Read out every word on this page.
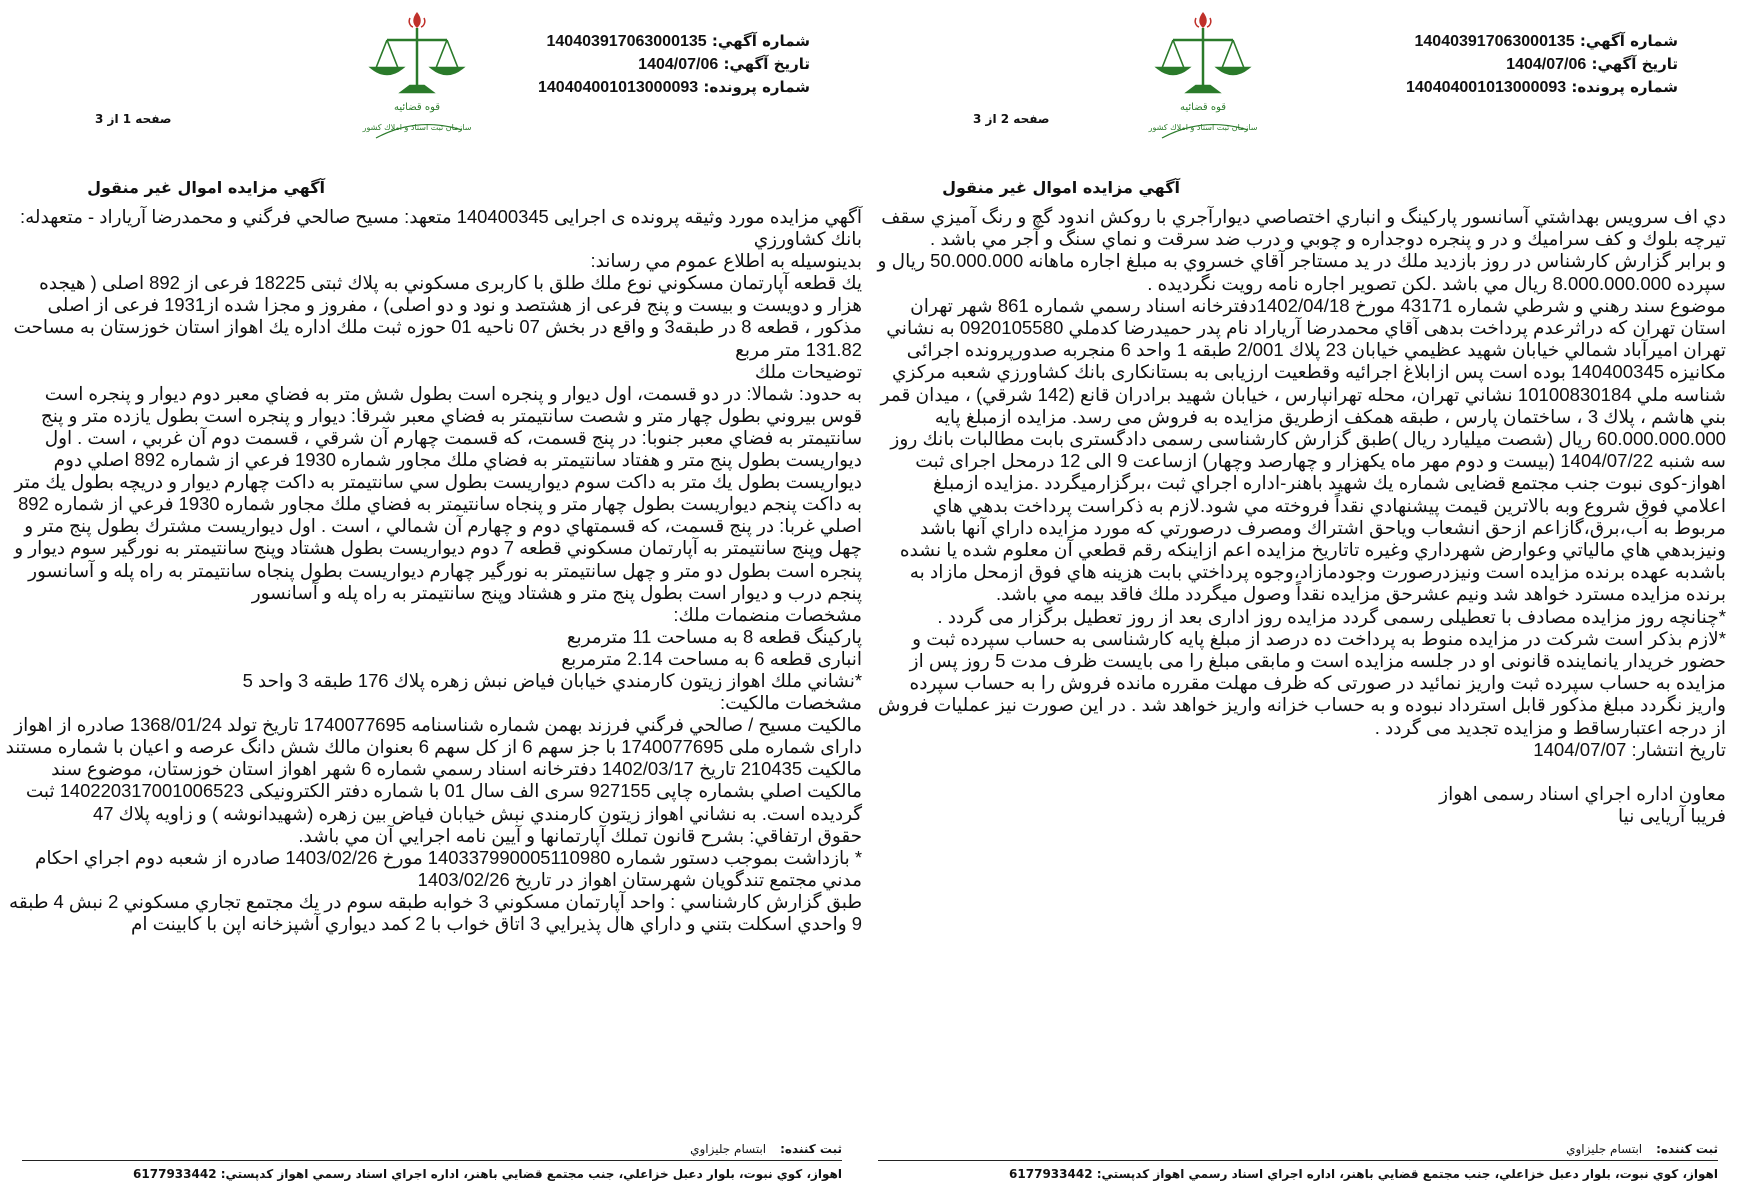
شماره آگهي: 140403917063000135
تاريخ آگهي: 1404/07/06
شماره پرونده: 140404001013000093
صفحه 1 از 3
آگهي مزايده اموال غير منقول
آگهي مزايده مورد وثيقه پرونده ی اجرایی 140400345 متعهد: مسیح صالحي فرگني و محمدرضا آریاراد - متعهدله: بانك كشاورزي
بدينوسيله به اطلاع عموم مي رساند:
يك قطعه آپارتمان مسكوني نوع ملك طلق با كاربری مسكوني به پلاك ثبتی 18225 فرعی از 892 اصلی ( هيجده هزار و دويست و بيست و پنج فرعی از هشتصد و نود و دو اصلی) ، مفروز و مجزا شده از1931 فرعی از اصلی مذكور ، قطعه 8 در طبقه3 و واقع در بخش 07 ناحيه 01 حوزه ثبت ملك اداره يك اهواز استان خوزستان به مساحت 131.82 متر مربع
توضيحات ملك
به حدود: شمالا: در دو قسمت، اول ديوار و پنجره است بطول شش متر به فضاي معبر دوم ديوار و پنجره است قوس بيروني بطول چهار متر و شصت سانتيمتر به فضاي معبر شرقا: ديوار و پنجره است بطول يازده متر و پنج سانتيمتر به فضاي معبر جنوبا: در پنج قسمت، كه قسمت چهارم آن شرقي ، قسمت دوم آن غربي ، است . اول ديواريست بطول پنج متر و هفتاد سانتيمتر به فضاي ملك مجاور شماره 1930 فرعي از شماره 892 اصلي دوم ديواريست بطول يك متر به داكت سوم ديواريست بطول سي سانتيمتر به داكت چهارم ديوار و دريچه بطول يك متر به داكت پنجم ديواريست بطول چهار متر و پنجاه سانتيمتر به فضاي ملك مجاور شماره 1930 فرعي از شماره 892 اصلي غربا: در پنج قسمت، كه قسمتهاي دوم و چهارم آن شمالي ، است . اول ديواريست مشترك بطول پنج متر و چهل وپنج سانتيمتر به آپارتمان مسكوني قطعه 7 دوم ديواريست بطول هشتاد وپنج سانتيمتر به نورگير سوم ديوار و پنجره است بطول دو متر و چهل سانتيمتر به نورگير چهارم ديواريست بطول پنجاه سانتيمتر به راه پله و آسانسور پنجم درب و ديوار است بطول پنج متر و هشتاد وپنج سانتيمتر به راه پله و آسانسور
مشخصات منضمات ملك:
پاركينگ قطعه 8 به مساحت 11 مترمربع
انباری قطعه 6 به مساحت 2.14 مترمربع
*نشاني ملك اهواز زيتون كارمندي خيابان فياض نبش زهره پلاك 176 طبقه 3 واحد 5
مشخصات مالكيت:
مالكيت مسيح / صالحي فرگني فرزند بهمن شماره شناسنامه 1740077695 تاريخ تولد 1368/01/24 صادره از اهواز دارای شماره ملی 1740077695 با جز سهم 6 از كل سهم 6 بعنوان مالك شش دانگ عرصه و اعيان با شماره مستند مالكيت 210435 تاريخ 1402/03/17 دفترخانه اسناد رسمي شماره 6 شهر اهواز استان خوزستان، موضوع سند مالكيت اصلي بشماره چاپی 927155 سری الف سال 01 با شماره دفتر الكترونيكی 140220317001006523 ثبت گرديده است. به نشاني اهواز زيتون كارمندي نبش خيابان فياض بين زهره (شهيدانوشه ) و زاويه پلاك 47
حقوق ارتفاقي: بشرح قانون تملك آپارتمانها و آيين نامه اجرايي آن مي باشد.
* بازداشت بموجب دستور شماره 140337990005110980 مورخ 1403/02/26 صادره از شعبه دوم اجراي احكام مدني مجتمع تندگويان شهرستان اهواز در تاريخ 1403/02/26
طبق گزارش كارشناسي : واحد آپارتمان مسكوني 3 خوابه طبقه سوم در يك مجتمع تجاري مسكوني 2 نبش 4 طبقه 9 واحدي اسكلت بتني و داراي هال پذيرايي 3 اتاق خواب با 2 كمد ديواري آشپزخانه اپن با كابينت ام
ثبت كننده:ابتسام جليزاوي
اهواز، كوي نبوت، بلوار دعبل خزاعلي، جنب مجتمع قضايي باهنر، اداره اجراي اسناد رسمي اهواز كدپستي: 6177933442
شماره آگهي: 140403917063000135
تاريخ آگهي: 1404/07/06
شماره پرونده: 140404001013000093
صفحه 2 از 3
آگهي مزايده اموال غير منقول
دي اف سرويس بهداشتي آسانسور پاركينگ و انباري اختصاصي ديوارآجري با روكش اندود گچ و رنگ آميزي سقف تيرچه بلوك و كف سراميك و در و پنجره دوجداره و چوبي و درب ضد سرقت و نماي سنگ و آجر مي باشد .
و برابر گزارش كارشناس در روز بازديد ملك در يد مستاجر آقاي خسروي به مبلغ اجاره ماهانه 50.000.000 ريال و سپرده 8.000.000.000 ريال مي باشد .لكن تصوير اجاره نامه رويت نگرديده .
موضوع سند رهني و شرطي شماره 43171 مورخ 1402/04/18دفترخانه اسناد رسمي شماره 861 شهر تهران استان تهران كه دراثرعدم پرداخت بدهی آقاي محمدرضا آرياراد نام پدر حميدرضا كدملي 0920105580 به نشاني تهران اميرآباد شمالي خيابان شهيد عظيمي خيابان 23 پلاك 2/001 طبقه 1 واحد 6 منجربه صدورپرونده اجرائی مكانيزه 140400345 بوده است پس ازابلاغ اجرائيه وقطعيت ارزيابی به بستانكاری بانك كشاورزي شعبه مركزي شناسه ملي 10100830184 نشاني تهران، محله تهرانپارس ، خيابان شهيد برادران قانع (142 شرقي) ، ميدان قمر بني هاشم ، پلاك 3 ، ساختمان پارس ، طبقه همكف ازطريق مزايده به فروش می رسد. مزايده ازمبلغ پايه 60.000.000.000 ريال (شصت ميليارد ريال )طبق گزارش كارشناسی رسمی دادگستری بابت مطالبات بانك روز سه شنبه 1404/07/22 (بيست و دوم مهر ماه يكهزار و چهارصد وچهار) ازساعت 9 الی 12 درمحل اجرای ثبت اهواز-كوی نبوت جنب مجتمع قضايی شماره يك شهيد باهنر-اداره اجراي ثبت ،برگزارميگردد .مزايده ازمبلغ اعلامي فوق شروع وبه بالاترين قيمت پيشنهادي نقداً فروخته مي شود.لازم به ذكراست پرداخت بدهي هاي مربوط به آب،برق،گازاعم ازحق انشعاب وياحق اشتراك ومصرف درصورتي كه مورد مزايده داراي آنها باشد ونيزبدهي هاي مالياتي وعوارض شهرداري وغيره تاتاريخ مزايده اعم ازاينكه رقم قطعي آن معلوم شده يا نشده باشدبه عهده برنده مزايده است ونيزدرصورت وجودمازاد،وجوه پرداختي بابت هزينه هاي فوق ازمحل مازاد به برنده مزايده مسترد خواهد شد ونيم عشرحق مزايده نقداً وصول ميگردد ملك فاقد بيمه مي باشد.
*چنانچه روز مزايده مصادف با تعطيلی رسمی گردد مزايده روز اداری بعد از روز تعطيل برگزار می گردد .
*لازم بذكر است شركت در مزايده منوط به پرداخت ده درصد از مبلغ پايه كارشناسی به حساب سپرده ثبت و حضور خريدار يانماينده قانونی او در جلسه مزايده است و مابقی مبلغ را می بايست ظرف مدت 5 روز پس از مزايده به حساب سپرده ثبت واريز نمائيد در صورتی كه ظرف مهلت مقرره مانده فروش را به حساب سپرده واريز نگردد مبلغ مذكور قابل استرداد نبوده و به حساب خزانه واريز خواهد شد . در اين صورت نيز عمليات فروش از درجه اعتبارساقط و مزايده تجديد می گردد .
تاريخ انتشار: 1404/07/07

معاون اداره اجراي اسناد رسمی اهواز
فريبا آريايی نيا
ثبت كننده:ابتسام جليزاوي
اهواز، كوي نبوت، بلوار دعبل خزاعلي، جنب مجتمع قضايي باهنر، اداره اجراي اسناد رسمي اهواز كدپستي: 6177933442
قوه قضائيه
سازمان ثبت اسناد و املاك كشور
قوه قضائيه
سازمان ثبت اسناد و املاك كشور
